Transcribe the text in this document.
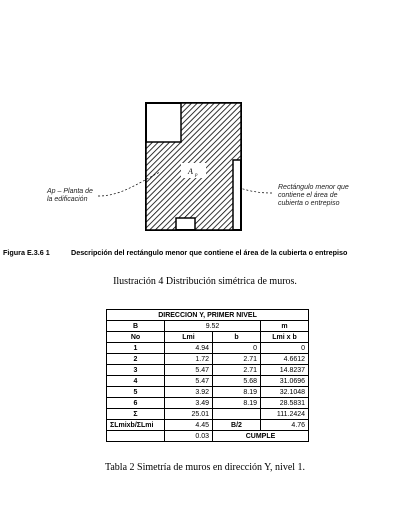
A p
Ap – Planta de
la edificación
Rectángulo menor que
contiene el área de
cubierta o entrepiso
Figura E.3.6 1	Descripción del rectángulo menor que contiene el área de la cubierta o entrepiso
Ilustración 4 Distribución simétrica de muros.
DIRECCION Y, PRIMER NIVEL			
B	9.52		m
No	Lmi	b	Lmi x b
1	4.94	0	0
2	1.72	2.71	4.6612
3	5.47	2.71	14.8237
4	5.47	5.68	31.0696
5	3.92	8.19	32.1048
6	3.49	8.19	28.5831
Σ	25.01		111.2424
ΣLmixb/ΣLmi	4.45	B/2	4.76
	0.03	CUMPLE	
Tabla 2 Simetría de muros en dirección Y, nivel 1.
